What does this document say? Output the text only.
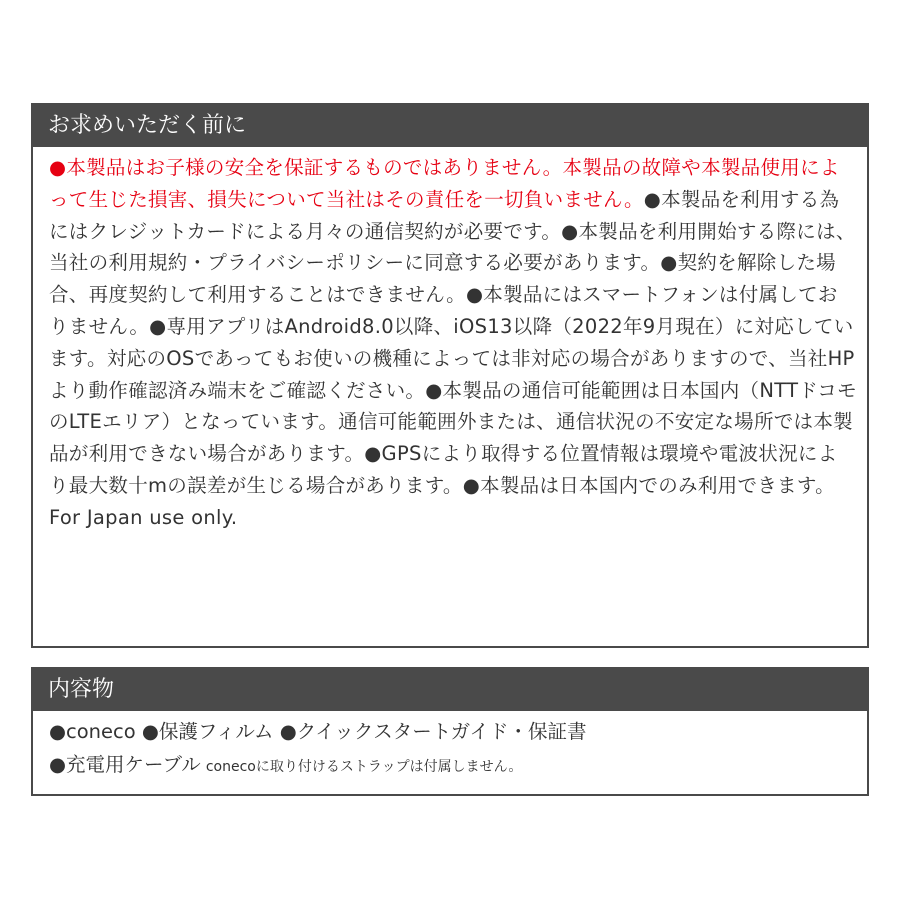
お求めいただく前に
●本製品はお子様の安全を保証するものではありません。本製品の故障や本製品使用によって生じた損害、損失について当社はその責任を一切負いません。●本製品を利用する為にはクレジットカードによる月々の通信契約が必要です。●本製品を利用開始する際には、当社の利用規約・プライバシーポリシーに同意する必要があります。●契約を解除した場合、再度契約して利用することはできません。●本製品にはスマートフォンは付属しておりません。●専用アプリはAndroid8.0以降、iOS13以降（2022年9月現在）に対応しています。対応のOSであってもお使いの機種によっては非対応の場合がありますので、当社HPより動作確認済み端末をご確認ください。●本製品の通信可能範囲は日本国内（NTTドコモのLTEエリア）となっています。通信可能範囲外または、通信状況の不安定な場所では本製品が利用できない場合があります。●GPSにより取得する位置情報は環境や電波状況により最大数十mの誤差が生じる場合があります。●本製品は日本国内でのみ利用できます。For Japan use only.
内容物
●coneco ●保護フィルム ●クイックスタートガイド・保証書
●充電用ケーブル conecoに取り付けるストラップは付属しません。
